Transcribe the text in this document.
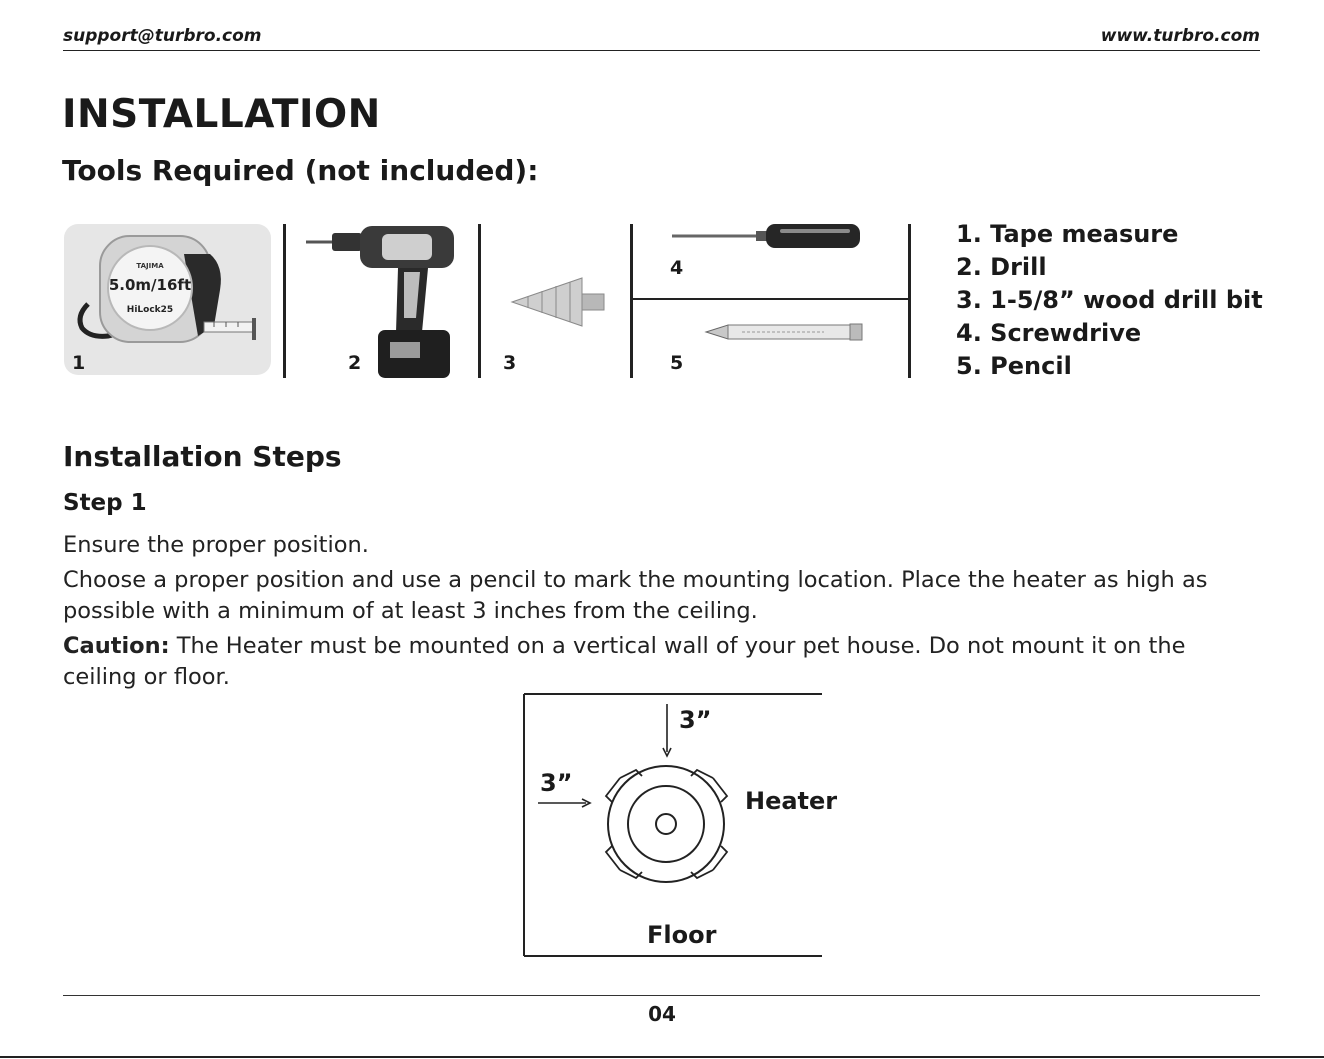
support@turbro.com	www.turbro.com
INSTALLATION
Tools Required (not included):
TAJIMA
5.0m/16ft
HiLock25
1	2	3
4
5
1. Tape measure
2. Drill
3. 1-5/8” wood drill bit
4. Screwdrive
5. Pencil
Installation Steps
Step 1

Ensure the proper position.

Choose a proper position and use a pencil to mark the mounting location. Place the heater as high as possible with a minimum of at least 3 inches from the ceiling.

Caution: The Heater must be mounted on a vertical wall of your pet house. Do not mount it on the ceiling or floor.

3”
3”
Heater
Floor
04
